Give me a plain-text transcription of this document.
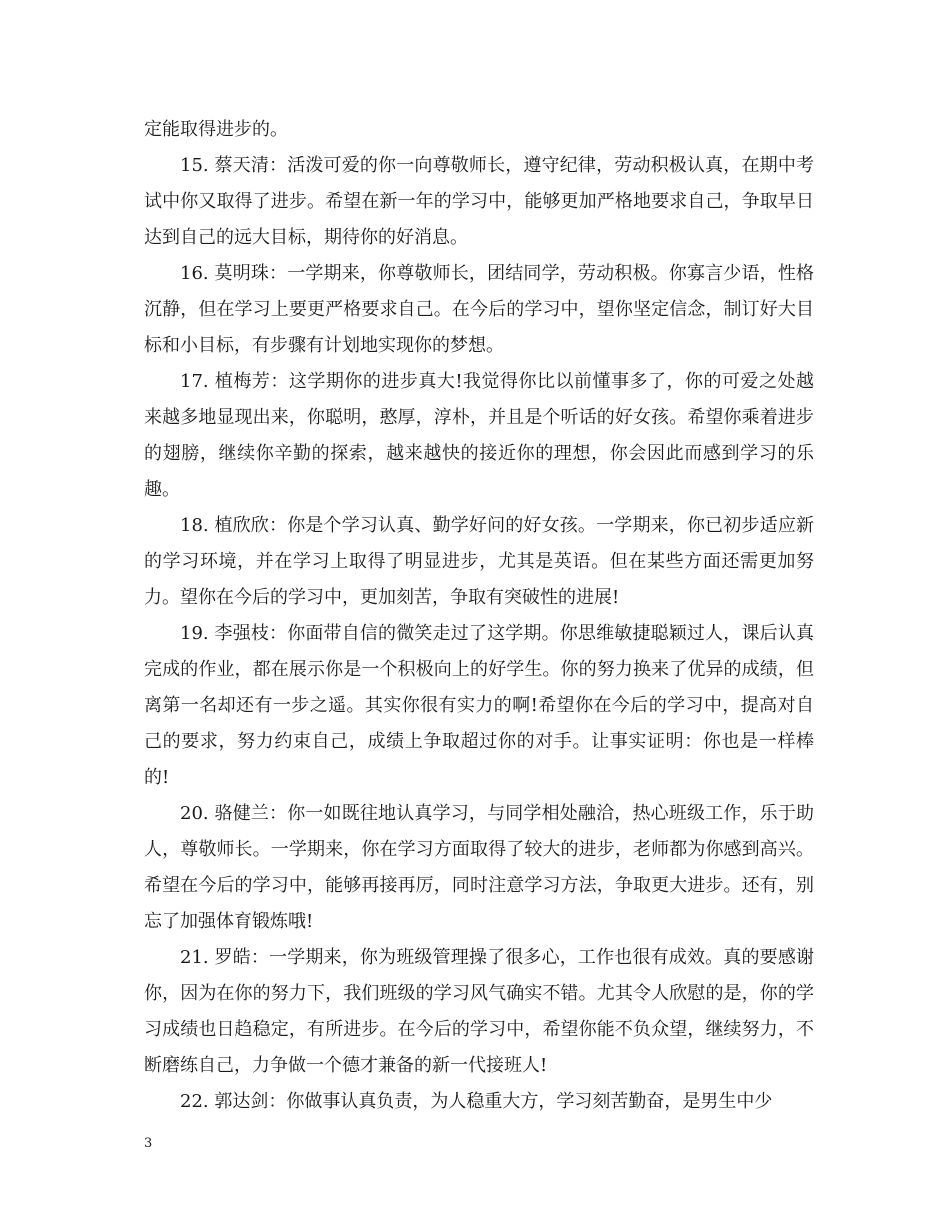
定能取得进步的。

15. 蔡天清：活泼可爱的你一向尊敬师长，遵守纪律，劳动积极认真，在期中考试中你又取得了进步。希望在新一年的学习中，能够更加严格地要求自己，争取早日达到自己的远大目标，期待你的好消息。

16. 莫明珠：一学期来，你尊敬师长，团结同学，劳动积极。你寡言少语，性格沉静，但在学习上要更严格要求自己。在今后的学习中，望你坚定信念，制订好大目标和小目标，有步骤有计划地实现你的梦想。

17. 植梅芳：这学期你的进步真大!我觉得你比以前懂事多了，你的可爱之处越来越多地显现出来，你聪明，憨厚，淳朴，并且是个听话的好女孩。希望你乘着进步的翅膀，继续你辛勤的探索，越来越快的接近你的理想，你会因此而感到学习的乐趣。

18. 植欣欣：你是个学习认真、勤学好问的好女孩。一学期来，你已初步适应新的学习环境，并在学习上取得了明显进步，尤其是英语。但在某些方面还需更加努力。望你在今后的学习中，更加刻苦，争取有突破性的进展!

19. 李强枝：你面带自信的微笑走过了这学期。你思维敏捷聪颖过人，课后认真完成的作业，都在展示你是一个积极向上的好学生。你的努力换来了优异的成绩，但离第一名却还有一步之遥。其实你很有实力的啊!希望你在今后的学习中，提高对自己的要求，努力约束自己，成绩上争取超过你的对手。让事实证明：你也是一样棒的!

20. 骆健兰：你一如既往地认真学习，与同学相处融洽，热心班级工作，乐于助人，尊敬师长。一学期来，你在学习方面取得了较大的进步，老师都为你感到高兴。希望在今后的学习中，能够再接再厉，同时注意学习方法，争取更大进步。还有，别忘了加强体育锻炼哦!

21. 罗皓：一学期来，你为班级管理操了很多心，工作也很有成效。真的要感谢你，因为在你的努力下，我们班级的学习风气确实不错。尤其令人欣慰的是，你的学习成绩也日趋稳定，有所进步。在今后的学习中，希望你能不负众望，继续努力，不断磨练自己，力争做一个德才兼备的新一代接班人!

22. 郭达剑：你做事认真负责，为人稳重大方，学习刻苦勤奋，是男生中少

3
